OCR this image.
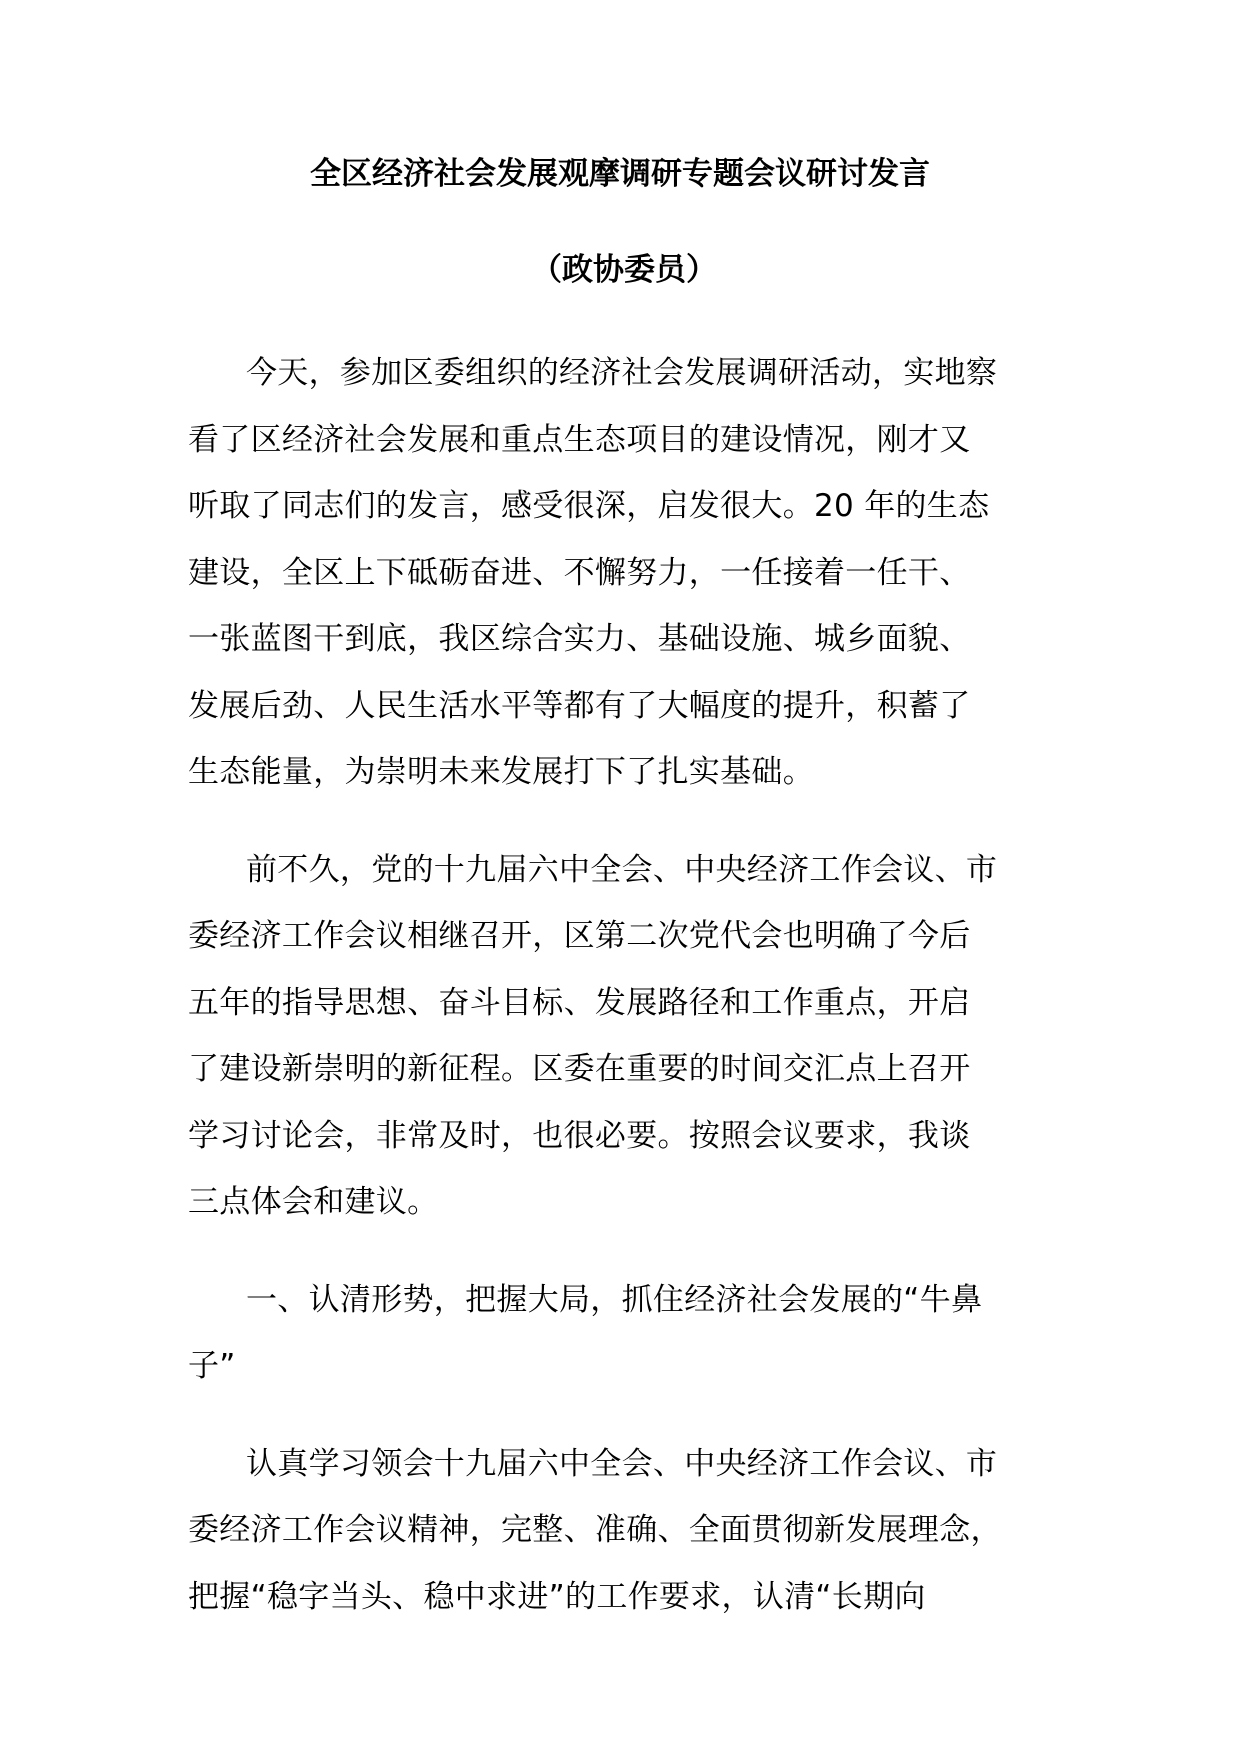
全区经济社会发展观摩调研专题会议研讨发言
（政协委员）

今天，参加区委组织的经济社会发展调研活动，实地察
看了区经济社会发展和重点生态项目的建设情况，刚才又
听取了同志们的发言，感受很深，启发很大。20 年的生态
建设，全区上下砥砺奋进、不懈努力，一任接着一任干、
一张蓝图干到底，我区综合实力、基础设施、城乡面貌、
发展后劲、人民生活水平等都有了大幅度的提升，积蓄了
生态能量，为崇明未来发展打下了扎实基础。

前不久，党的十九届六中全会、中央经济工作会议、市
委经济工作会议相继召开，区第二次党代会也明确了今后
五年的指导思想、奋斗目标、发展路径和工作重点，开启
了建设新崇明的新征程。区委在重要的时间交汇点上召开
学习讨论会，非常及时，也很必要。按照会议要求，我谈
三点体会和建议。

一、认清形势，把握大局，抓住经济社会发展的“牛鼻
子”

认真学习领会十九届六中全会、中央经济工作会议、市
委经济工作会议精神，完整、准确、全面贯彻新发展理念，
把握“稳字当头、稳中求进”的工作要求，认清“长期向
